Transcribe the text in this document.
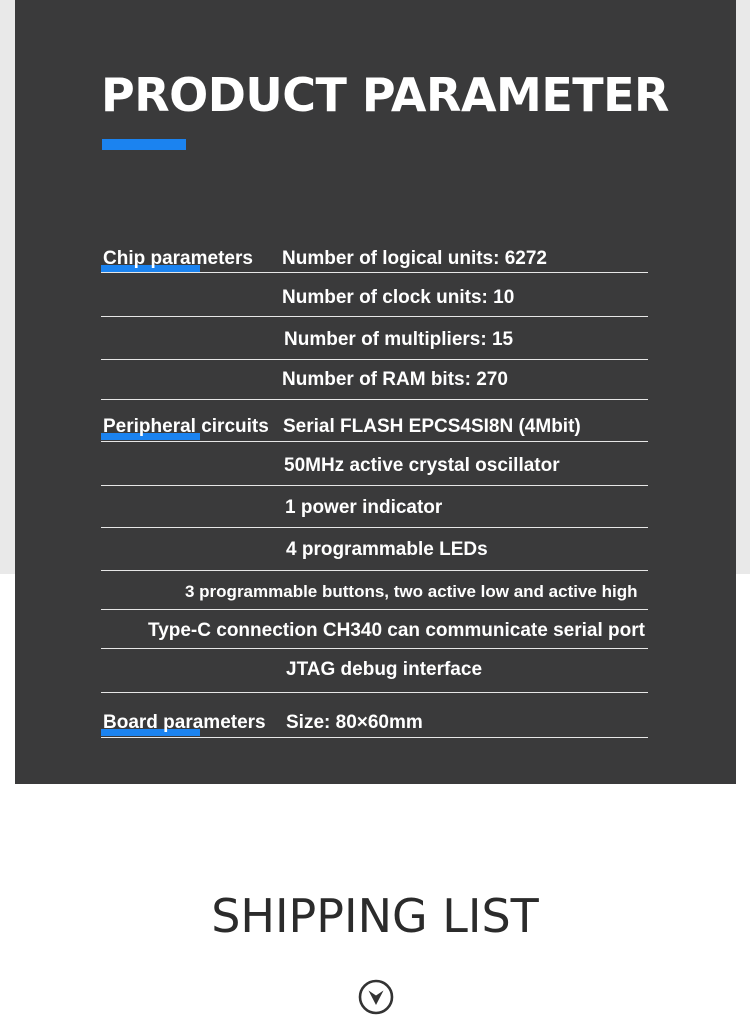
PRODUCT PARAMETER
Chip parameters
Peripheral circuits
Board parameters
Number of logical units: 6272
Number of clock units: 10
Number of multipliers: 15
Number of RAM bits: 270
Serial FLASH EPCS4SI8N (4Mbit)
50MHz active crystal oscillator
1 power indicator
4 programmable LEDs
3 programmable buttons, two active low and active high
Type-C connection CH340 can communicate serial port
JTAG debug interface
Size: 80×60mm
SHIPPING LIST
